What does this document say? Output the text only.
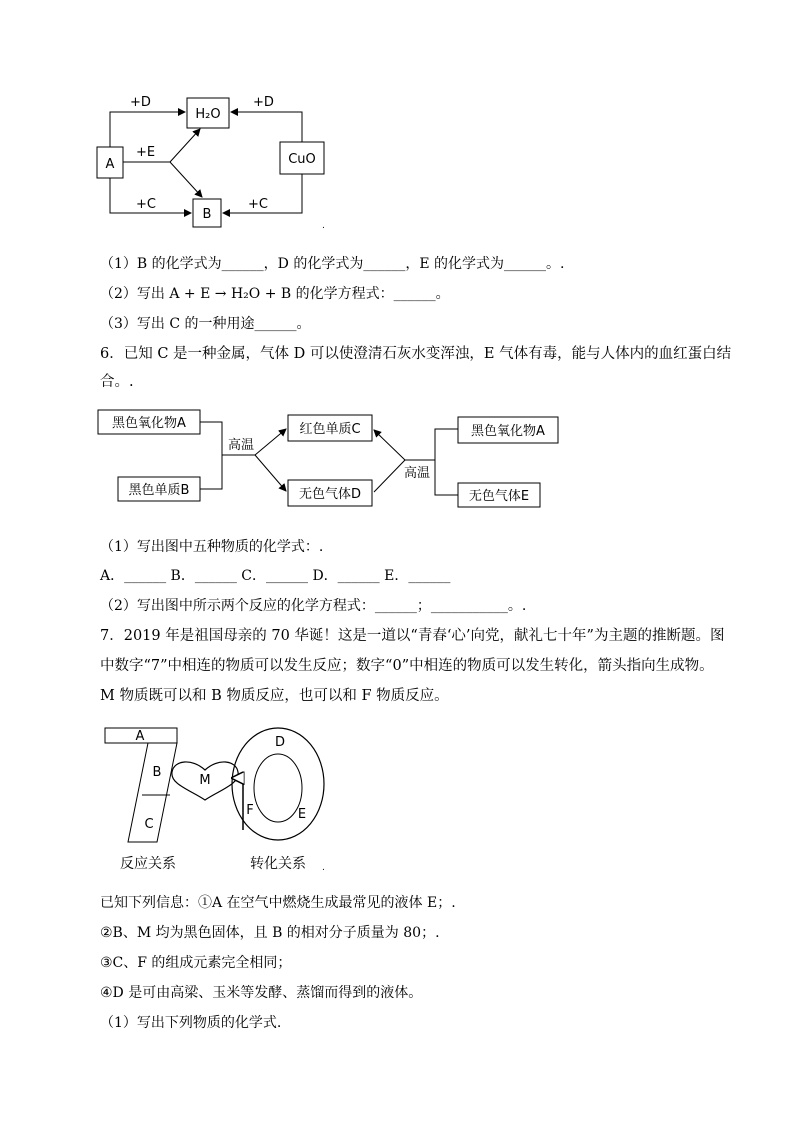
A
H₂O
CuO
B
+D
+E
+C
+D
+C
.
（1）B 的化学式为______，D 的化学式为______，E 的化学式为______。.
（2）写出 A + E → H₂O + B 的化学方程式：______。
（3）写出 C 的一种用途______。
6．已知 C 是一种金属，气体 D 可以使澄清石灰水变浑浊，E 气体有毒，能与人体内的血红蛋白结
合。.
黑色氧化物A
黑色单质B
高温
红色单质C
无色气体D
高温
黑色氧化物A
无色气体E
（1）写出图中五种物质的化学式：.
A．______ B．______ C．______ D．______ E．______
（2）写出图中所示两个反应的化学方程式：______；___________。.
7．2019 年是祖国母亲的 70 华诞！这是一道以“青春‘心’向党，献礼七十年”为主题的推断题。图
中数字“7”中相连的物质可以发生反应；数字“0”中相连的物质可以发生转化，箭头指向生成物。
M 物质既可以和 B 物质反应，也可以和 F 物质反应。
A
B
C
M
D
F	E
反应关系	转化关系 .
已知下列信息：①A 在空气中燃烧生成最常见的液体 E；.
②B、M 均为黑色固体，且 B 的相对分子质量为 80；.
③C、F 的组成元素完全相同；
④D 是可由高梁、玉米等发酵、蒸馏而得到的液体。
（1）写出下列物质的化学式.
